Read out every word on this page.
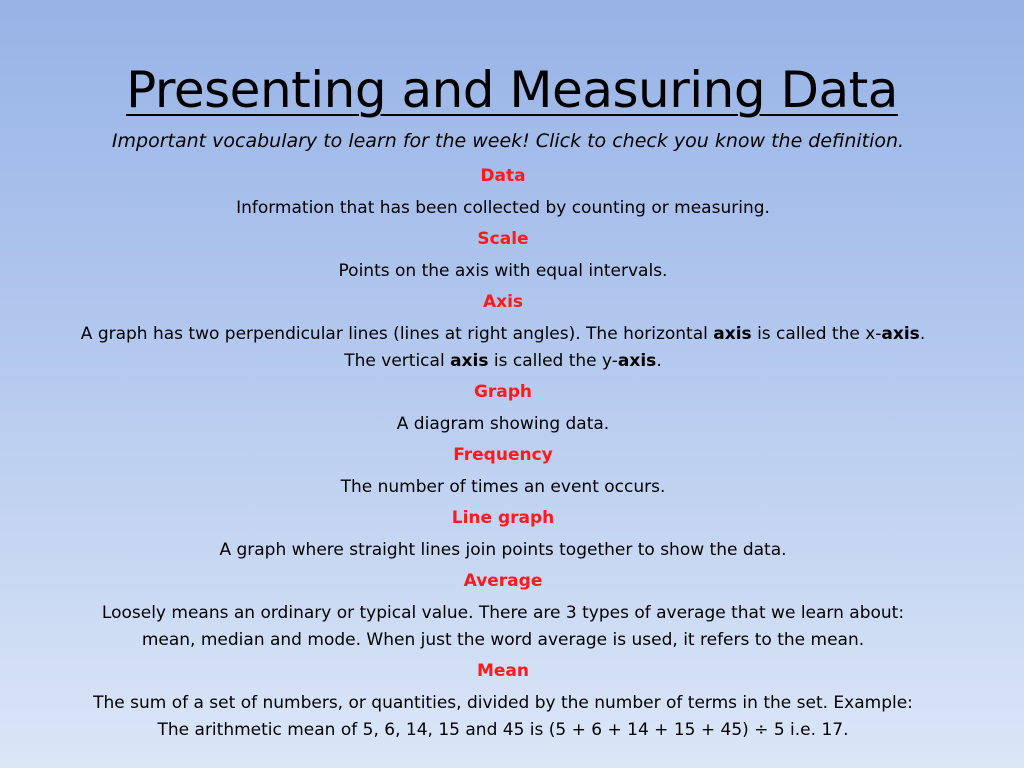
Presenting and Measuring Data
Important vocabulary to learn for the week! Click to check you know the definition.
Data
Information that has been collected by counting or measuring.
Scale
Points on the axis with equal intervals.
Axis
A graph has two perpendicular lines (lines at right angles). The horizontal axis is called the x-axis.
The vertical axis is called the y-axis.
Graph
A diagram showing data.
Frequency
The number of times an event occurs.
Line graph
A graph where straight lines join points together to show the data.
Average
Loosely means an ordinary or typical value. There are 3 types of average that we learn about:
mean, median and mode. When just the word average is used, it refers to the mean.
Mean
The sum of a set of numbers, or quantities, divided by the number of terms in the set. Example:
The arithmetic mean of 5, 6, 14, 15 and 45 is (5 + 6 + 14 + 15 + 45) ÷ 5 i.e. 17.
